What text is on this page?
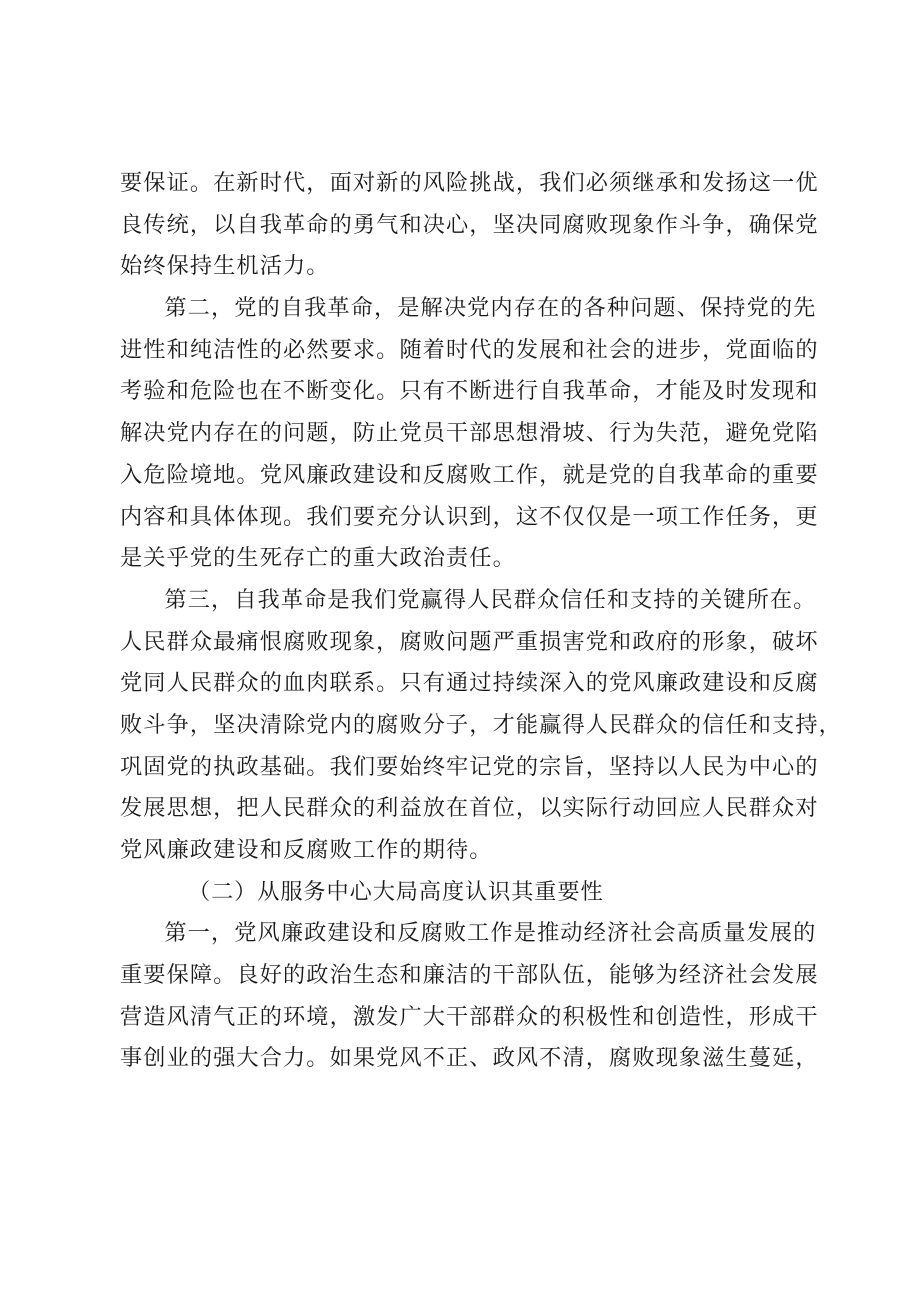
要保证。在新时代，面对新的风险挑战，我们必须继承和发扬这一优
良传统，以自我革命的勇气和决心，坚决同腐败现象作斗争，确保党
始终保持生机活力。
第二，党的自我革命，是解决党内存在的各种问题、保持党的先
进性和纯洁性的必然要求。随着时代的发展和社会的进步，党面临的
考验和危险也在不断变化。只有不断进行自我革命，才能及时发现和
解决党内存在的问题，防止党员干部思想滑坡、行为失范，避免党陷
入危险境地。党风廉政建设和反腐败工作，就是党的自我革命的重要
内容和具体体现。我们要充分认识到，这不仅仅是一项工作任务，更
是关乎党的生死存亡的重大政治责任。
第三，自我革命是我们党赢得人民群众信任和支持的关键所在。
人民群众最痛恨腐败现象，腐败问题严重损害党和政府的形象，破坏
党同人民群众的血肉联系。只有通过持续深入的党风廉政建设和反腐
败斗争，坚决清除党内的腐败分子，才能赢得人民群众的信任和支持，
巩固党的执政基础。我们要始终牢记党的宗旨，坚持以人民为中心的
发展思想，把人民群众的利益放在首位，以实际行动回应人民群众对
党风廉政建设和反腐败工作的期待。
（二）从服务中心大局高度认识其重要性
第一，党风廉政建设和反腐败工作是推动经济社会高质量发展的
重要保障。良好的政治生态和廉洁的干部队伍，能够为经济社会发展
营造风清气正的环境，激发广大干部群众的积极性和创造性，形成干
事创业的强大合力。如果党风不正、政风不清，腐败现象滋生蔓延，
